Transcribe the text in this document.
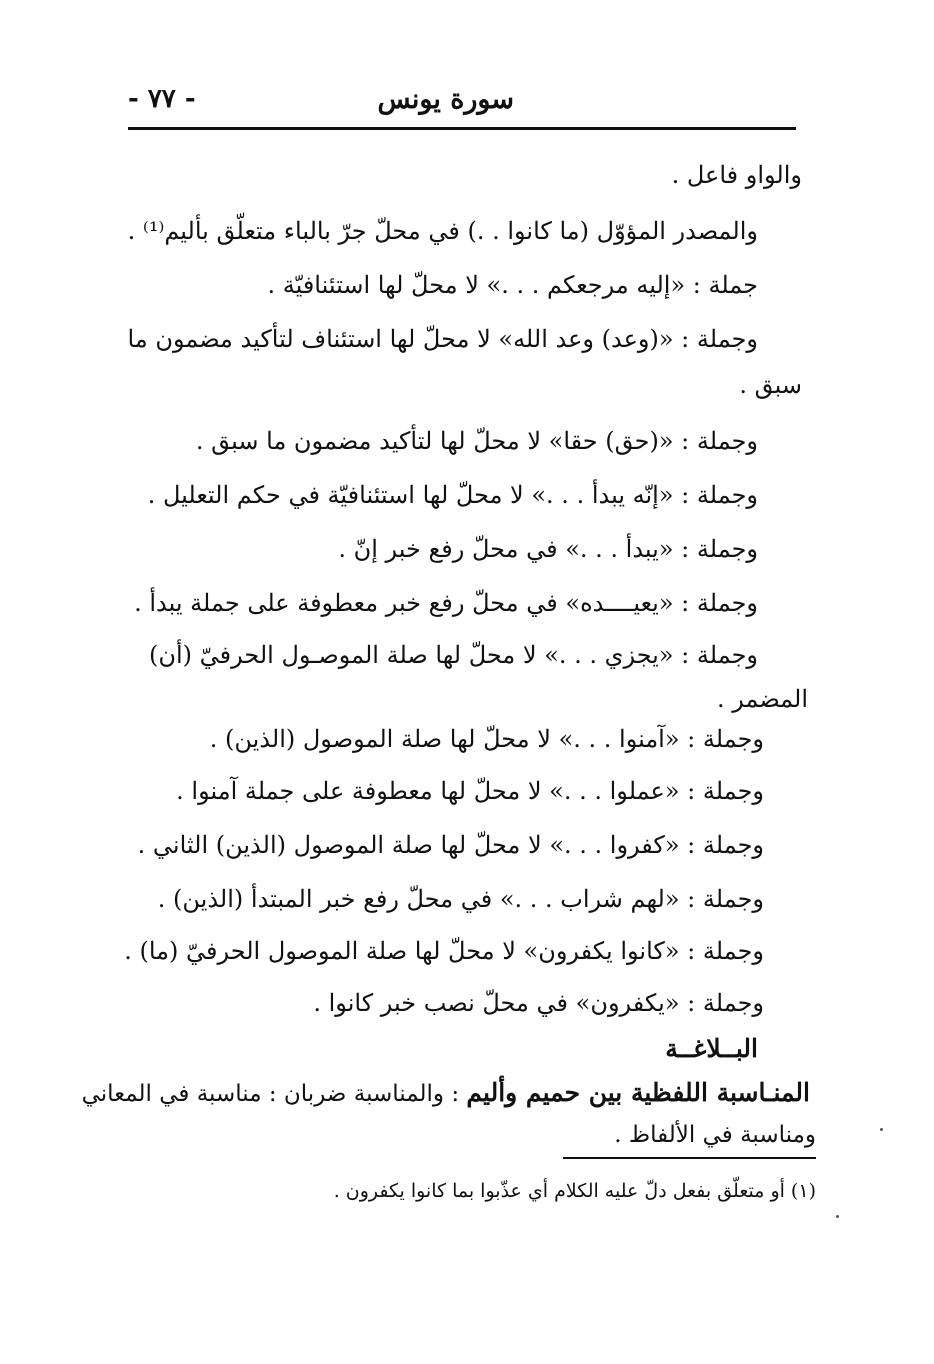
سورة يونس
- ٧٧ -
والواو فاعل .
والمصدر المؤوّل (ما كانوا . .) في محلّ جرّ بالباء متعلّق بأليم⁽¹⁾ .
جملة : «إليه مرجعكم . . .» لا محلّ لها استئنافيّة .
وجملة : «(وعد) وعد الله» لا محلّ لها استئناف لتأكيد مضمون ما
سبق .
وجملة : «(حق) حقا» لا محلّ لها لتأكيد مضمون ما سبق .
وجملة : «إنّه يبدأ . . .» لا محلّ لها استئنافيّة في حكم التعليل .
وجملة : «يبدأ . . .» في محلّ رفع خبر إنّ .
وجملة : «يعيــــده» في محلّ رفع خبر معطوفة على جملة يبدأ .
وجملة : «يجزي . . .» لا محلّ لها صلة الموصـول الحرفيّ (أن)
المضمر .
وجملة : «آمنوا . . .» لا محلّ لها صلة الموصول (الذين) .
وجملة : «عملوا . . .» لا محلّ لها معطوفة على جملة آمنوا .
وجملة : «كفروا . . .» لا محلّ لها صلة الموصول (الذين) الثاني .
وجملة : «لهم شراب . . .» في محلّ رفع خبر المبتدأ (الذين) .
وجملة : «كانوا يكفرون» لا محلّ لها صلة الموصول الحرفيّ (ما) .
وجملة : «يكفرون» في محلّ نصب خبر كانوا .
البــلاغــة
المنـاسبة اللفظية بين حميم وأليم : والمناسبة ضربان : مناسبة في المعاني
ومناسبة في الألفاظ .
(١) أو متعلّق بفعل دلّ عليه الكلام أي عذّبوا بما كانوا يكفرون .
